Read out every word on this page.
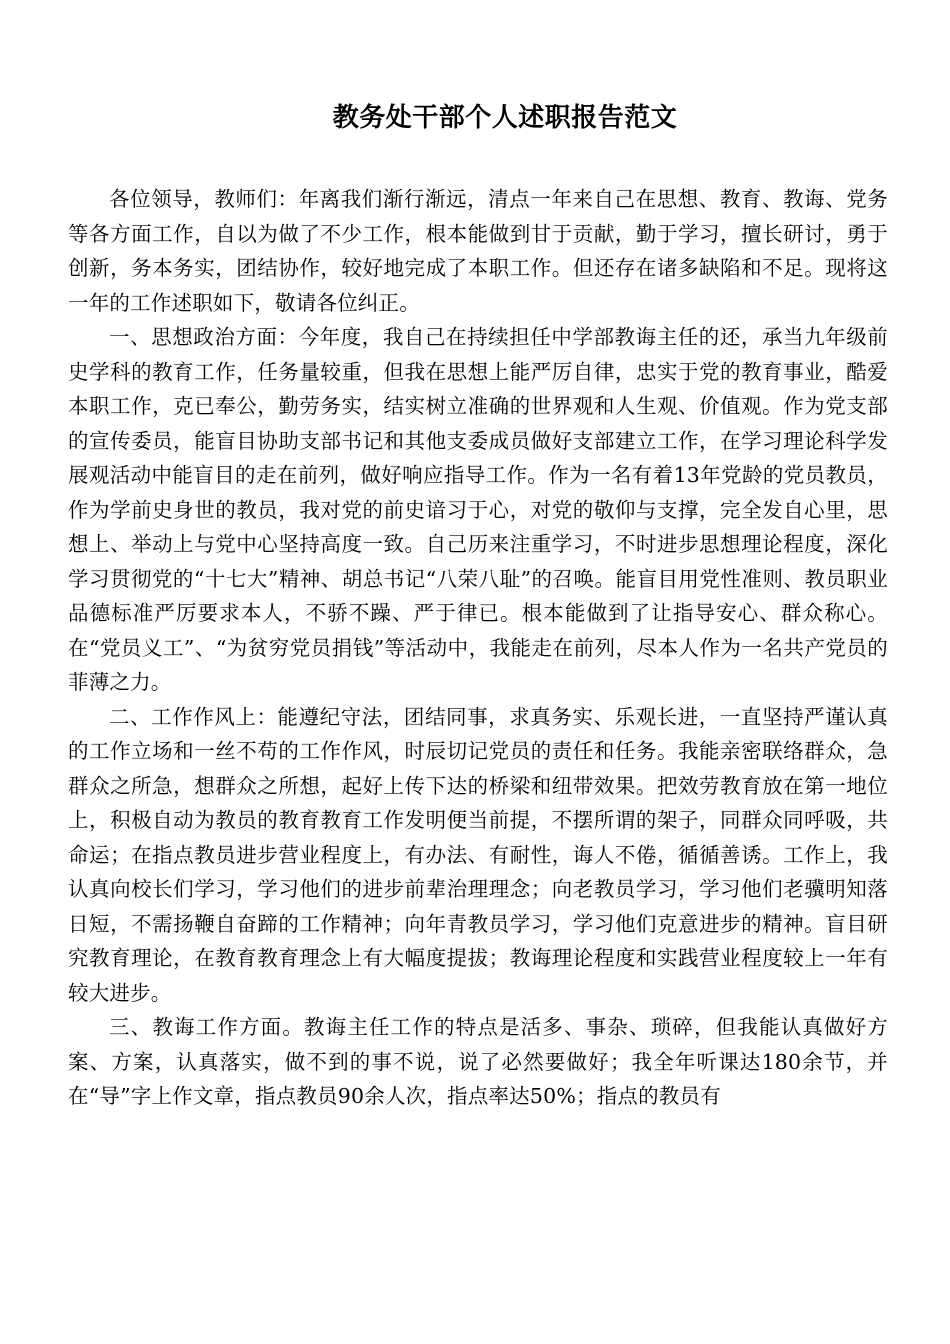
教务处干部个人述职报告范文

各位领导，教师们：年离我们渐行渐远，清点一年来自己在思想、教育、教诲、党务等各方面工作，自以为做了不少工作，根本能做到甘于贡献，勤于学习，擅长研讨，勇于创新，务本务实，团结协作，较好地完成了本职工作。但还存在诸多缺陷和不足。现将这一年的工作述职如下，敬请各位纠正。

一、思想政治方面：今年度，我自己在持续担任中学部教诲主任的还，承当九年级前史学科的教育工作，任务量较重，但我在思想上能严厉自律，忠实于党的教育事业，酷爱本职工作，克已奉公，勤劳务实，结实树立准确的世界观和人生观、价值观。作为党支部的宣传委员，能盲目协助支部书记和其他支委成员做好支部建立工作，在学习理论科学发展观活动中能盲目的走在前列，做好响应指导工作。作为一名有着13年党龄的党员教员，作为学前史身世的教员，我对党的前史谙习于心，对党的敬仰与支撑，完全发自心里，思想上、举动上与党中心坚持高度一致。自己历来注重学习，不时进步思想理论程度，深化学习贯彻党的“十七大”精神、胡总书记“八荣八耻”的召唤。能盲目用党性准则、教员职业品德标准严厉要求本人，不骄不躁、严于律已。根本能做到了让指导安心、群众称心。在“党员义工”、“为贫穷党员捐钱”等活动中，我能走在前列，尽本人作为一名共产党员的菲薄之力。

二、工作作风上：能遵纪守法，团结同事，求真务实、乐观长进，一直坚持严谨认真的工作立场和一丝不苟的工作作风，时辰切记党员的责任和任务。我能亲密联络群众，急群众之所急，想群众之所想，起好上传下达的桥梁和纽带效果。把效劳教育放在第一地位上，积极自动为教员的教育教育工作发明便当前提，不摆所谓的架子，同群众同呼吸，共命运；在指点教员进步营业程度上，有办法、有耐性，诲人不倦，循循善诱。工作上，我认真向校长们学习，学习他们的进步前辈治理理念；向老教员学习，学习他们老骥明知落日短，不需扬鞭自奋蹄的工作精神；向年青教员学习，学习他们克意进步的精神。盲目研究教育理论，在教育教育理念上有大幅度提拔；教诲理论程度和实践营业程度较上一年有较大进步。

三、教诲工作方面。教诲主任工作的特点是活多、事杂、琐碎，但我能认真做好方案、方案，认真落实，做不到的事不说，说了必然要做好；我全年听课达180余节，并在“导”字上作文章，指点教员90余人次，指点率达50%；指点的教员有
